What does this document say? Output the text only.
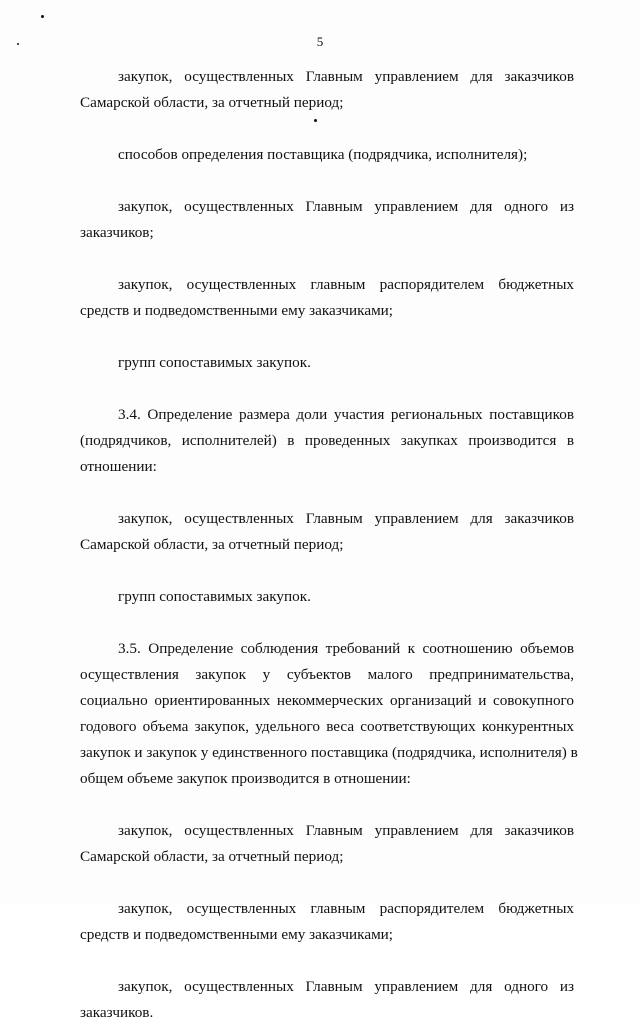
5

закупок, осуществленных Главным управлением для заказчиков
Самарской области, за отчетный период;

способов определения поставщика (подрядчика, исполнителя);

закупок, осуществленных Главным управлением для одного из
заказчиков;

закупок, осуществленных главным распорядителем бюджетных
средств и подведомственными ему заказчиками;

групп сопоставимых закупок.

3.4. Определение размера доли участия региональных поставщиков
(подрядчиков, исполнителей) в проведенных закупках производится в
отношении:

закупок, осуществленных Главным управлением для заказчиков
Самарской области, за отчетный период;

групп сопоставимых закупок.

3.5. Определение соблюдения требований к соотношению объемов
осуществления закупок у субъектов малого предпринимательства,
социально ориентированных некоммерческих организаций и совокупного
годового объема закупок, удельного веса соответствующих конкурентных
закупок и закупок у единственного поставщика (подрядчика, исполнителя) в
общем объеме закупок производится в отношении:

закупок, осуществленных Главным управлением для заказчиков
Самарской области, за отчетный период;

закупок, осуществленных главным распорядителем бюджетных
средств и подведомственными ему заказчиками;

закупок, осуществленных Главным управлением для одного из
заказчиков.
